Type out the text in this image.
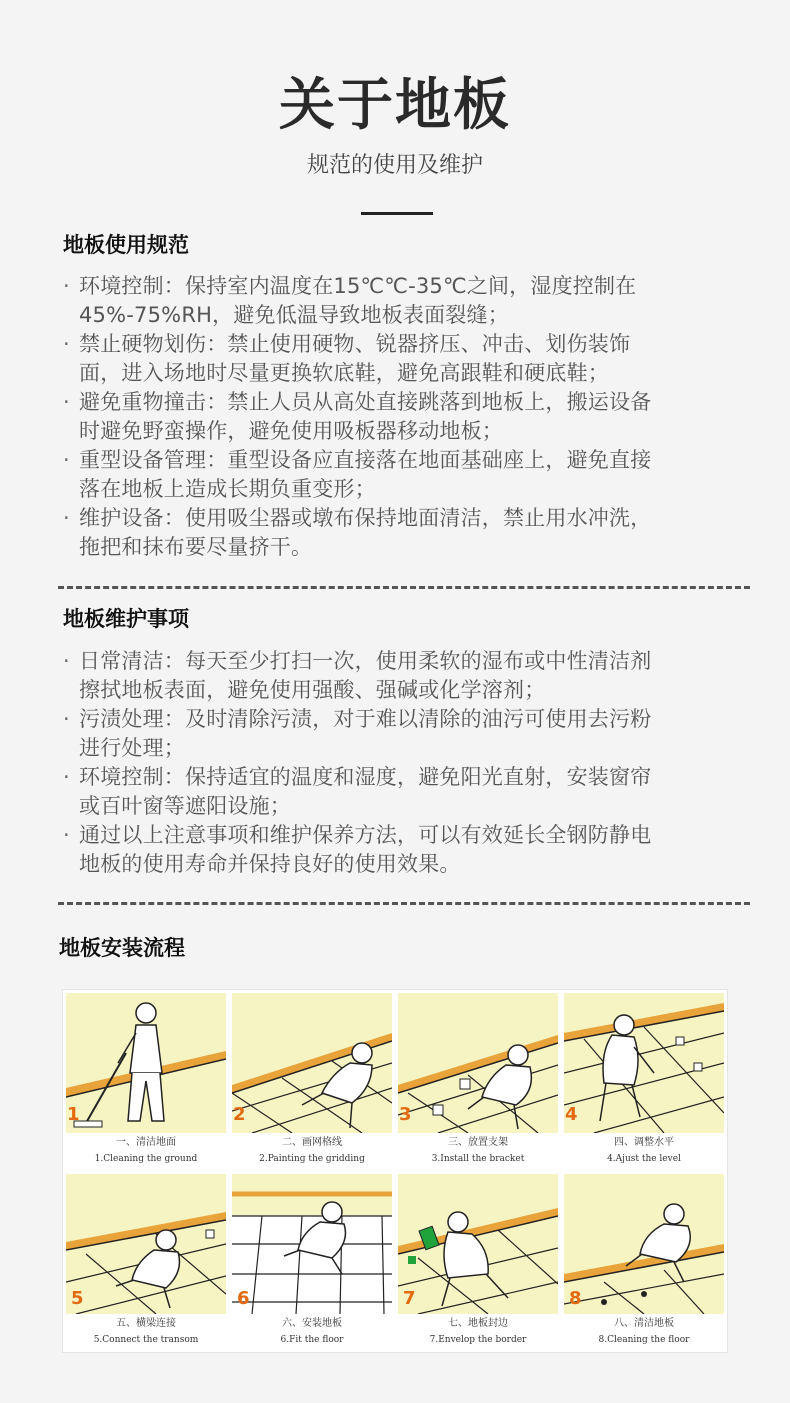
关于地板
规范的使用及维护
地板使用规范
· 环境控制：保持室内温度在15℃℃-35℃之间，湿度控制在
45%-75%RH，避免低温导致地板表面裂缝；
· 禁止硬物划伤：禁止使用硬物、锐器挤压、冲击、划伤装饰
面，进入场地时尽量更换软底鞋，避免高跟鞋和硬底鞋；
· 避免重物撞击：禁止人员从高处直接跳落到地板上，搬运设备
时避免野蛮操作，避免使用吸板器移动地板；
· 重型设备管理：重型设备应直接落在地面基础座上，避免直接
落在地板上造成长期负重变形；
· 维护设备：使用吸尘器或墩布保持地面清洁，禁止用水冲洗，
拖把和抹布要尽量挤干。
地板维护事项
· 日常清洁：每天至少打扫一次，使用柔软的湿布或中性清洁剂
擦拭地板表面，避免使用强酸、强碱或化学溶剂；
· 污渍处理：及时清除污渍，对于难以清除的油污可使用去污粉
进行处理；
· 环境控制：保持适宜的温度和湿度，避免阳光直射，安装窗帘
或百叶窗等遮阳设施；
· 通过以上注意事项和维护保养方法，可以有效延长全钢防静电
地板的使用寿命并保持良好的使用效果。
地板安装流程
1
一、清洁地面
1.Cleaning the ground
2
二、画网格线
2.Painting the gridding
3
三、放置支架
3.Install the bracket
4
四、调整水平
4.Ajust the level
5
五、横梁连接
5.Connect the transom
6
六、安装地板
6.Fit the floor
7
七、地板封边
7.Envelop the border
8
八、清洁地板
8.Cleaning the floor
